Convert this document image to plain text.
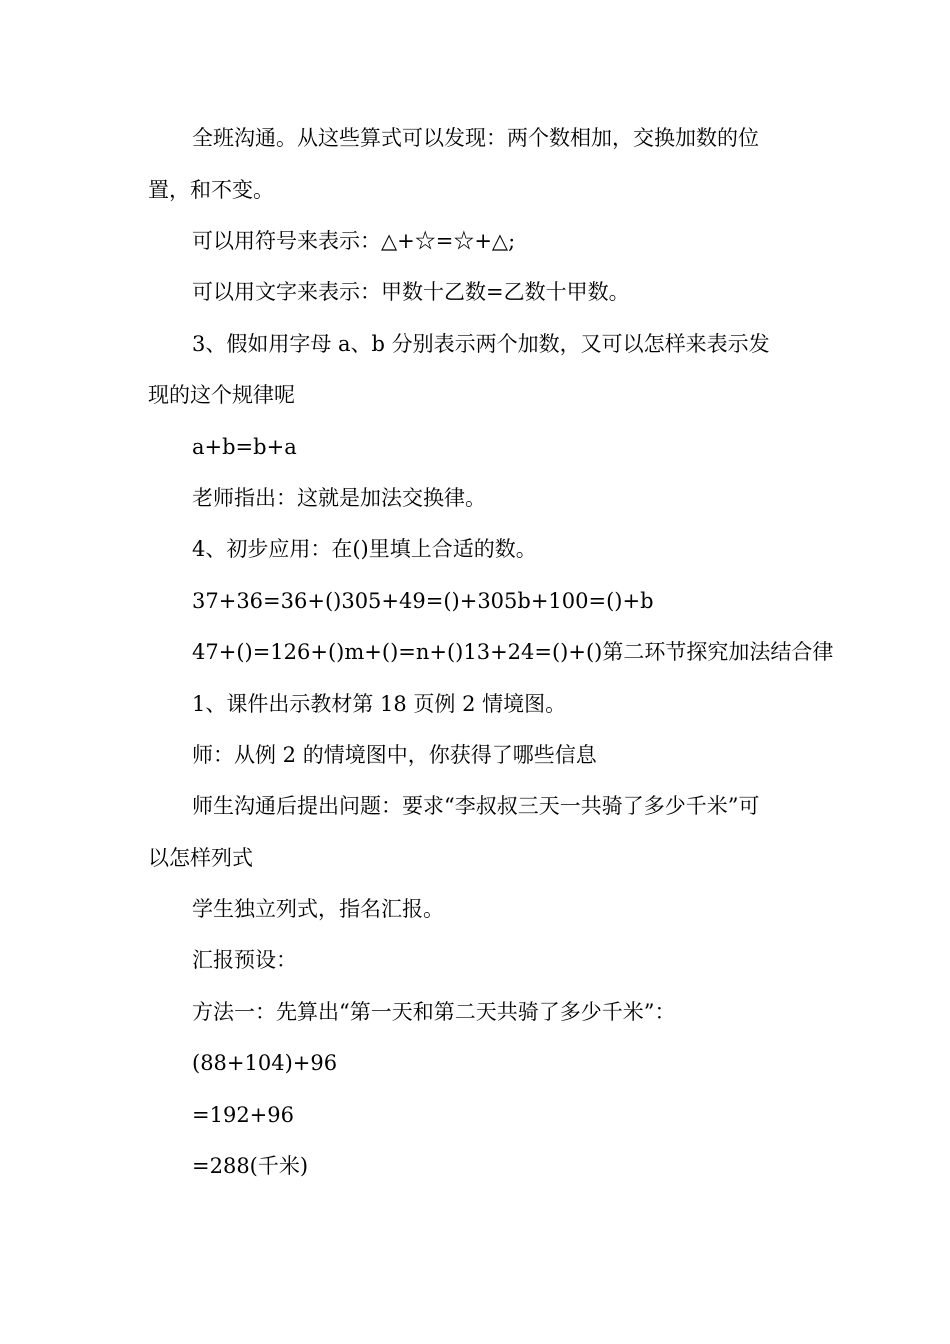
全班沟通。从这些算式可以发现：两个数相加，交换加数的位
置，和不变。
可以用符号来表示：△+☆=☆+△;
可以用文字来表示：甲数十乙数=乙数十甲数。
3、假如用字母 a、b 分别表示两个加数，又可以怎样来表示发
现的这个规律呢
a+b=b+a
老师指出：这就是加法交换律。
4、初步应用：在()里填上合适的数。
37+36=36+()305+49=()+305b+100=()+b
47+()=126+()m+()=n+()13+24=()+()第二环节探究加法结合律
1、课件出示教材第 18 页例 2 情境图。
师：从例 2 的情境图中，你获得了哪些信息
师生沟通后提出问题：要求“李叔叔三天一共骑了多少千米”可
以怎样列式
学生独立列式，指名汇报。
汇报预设：
方法一：先算出“第一天和第二天共骑了多少千米”：
(88+104)+96
=192+96
=288(千米)
